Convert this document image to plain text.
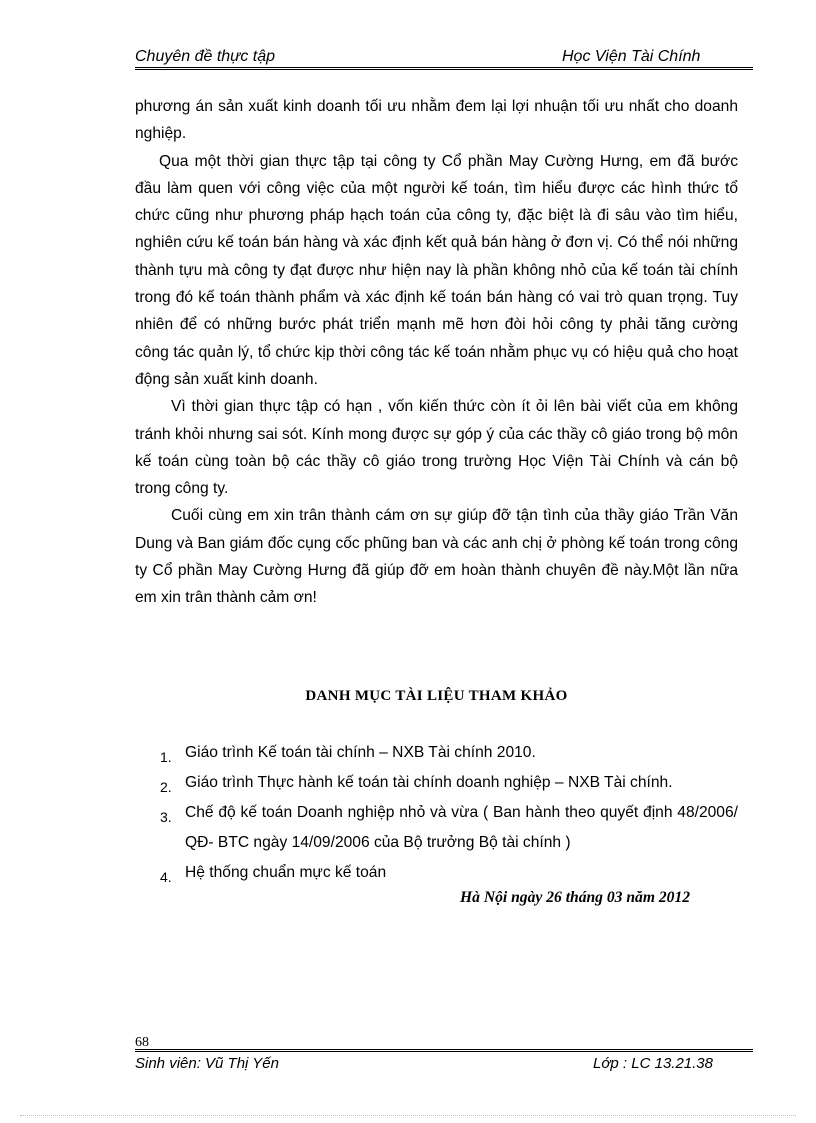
Chuyên đề thực tập	Học Viện Tài Chính

phương án sản xuất kinh doanh tối ưu nhằm đem lại lợi nhuận tối ưu nhất cho doanh nghiệp.

Qua một thời gian thực tập tại công ty Cổ phần May Cường Hưng, em đã bước đầu làm quen với công việc của một người kế toán, tìm hiểu được các hình thức tổ chức cũng như phương pháp hạch toán của công ty, đặc biệt là đi sâu vào tìm hiểu, nghiên cứu kế toán bán hàng và xác định kết quả bán hàng ở đơn vị. Có thể nói những thành tựu mà công ty đạt được như hiện nay là phần không nhỏ của kế toán tài chính trong đó kế toán thành phẩm và xác định kế toán bán hàng có vai trò quan trọng. Tuy nhiên để có những bước phát triển mạnh mẽ hơn đòi hỏi công ty phải tăng cường công tác quản lý, tổ chức kịp thời công tác kế toán nhằm phục vụ có hiệu quả cho hoạt động sản xuất kinh doanh.

Vì thời gian thực tập có hạn , vốn kiến thức còn ít ỏi lên bài viết của em không tránh khỏi nhưng sai sót. Kính mong được sự góp ý của các thầy cô giáo trong bộ môn kế toán cùng toàn bộ các thầy cô giáo trong trường Học Viện Tài Chính và cán bộ trong công ty.

Cuối cùng em xin trân thành cám ơn sự giúp đỡ tận tình của thầy giáo Trần Văn Dung và Ban giám đốc cụng cốc phũng ban và các anh chị ở phòng kế toán trong công ty Cổ phần May Cường Hưng đã giúp đỡ em hoàn thành chuyên đề này.Một lần nữa em xin trân thành cảm ơn!

DANH MỤC TÀI LIỆU THAM KHẢO
1. Giáo trình Kế toán tài chính – NXB Tài chính 2010.
2. Giáo trình Thực hành kế toán tài chính doanh nghiệp – NXB Tài chính.
3. Chế độ kế toán Doanh nghiệp nhỏ và vừa ( Ban hành theo quyết định 48/2006/ QĐ- BTC ngày 14/09/2006 của Bộ trưởng Bộ tài chính )
4. Hệ thống chuẩn mực kế toán
Hà Nội ngày 26 tháng 03 năm 2012
68
Sinh viên: Vũ Thị Yến	Lớp : LC 13.21.38
